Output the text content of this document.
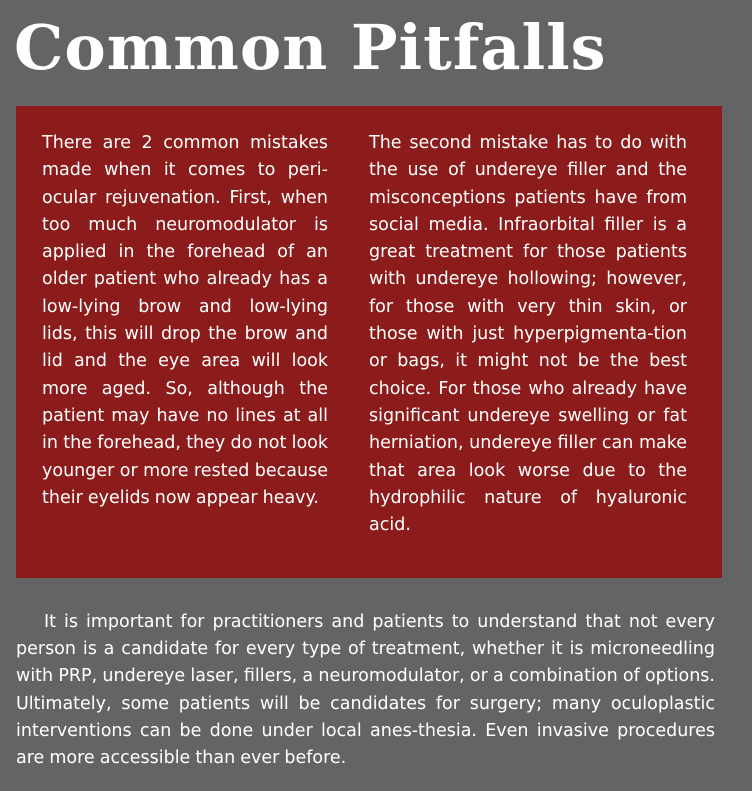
Common Pitfalls

There are 2 common mistakes made when it comes to peri-ocular rejuvenation. First, when too much neuromodulator is applied in the forehead of an older patient who already has a low-lying brow and low-lying lids, this will drop the brow and lid and the eye area will look more aged. So, although the patient may have no lines at all in the forehead, they do not look younger or more rested because their eyelids now appear heavy.

The second mistake has to do with the use of undereye filler and the misconceptions patients have from social media. Infraorbital filler is a great treatment for those patients with undereye hollowing; however, for those with very thin skin, or those with just hyperpigmenta-tion or bags, it might not be the best choice. For those who already have significant undereye swelling or fat herniation, undereye filler can make that area look worse due to the hydrophilic nature of hyaluronic acid.

It is important for practitioners and patients to understand that not every person is a candidate for every type of treatment, whether it is microneedling with PRP, undereye laser, fillers, a neuromodulator, or a combination of options. Ultimately, some patients will be candidates for surgery; many oculoplastic interventions can be done under local anes-thesia. Even invasive procedures are more accessible than ever before.
